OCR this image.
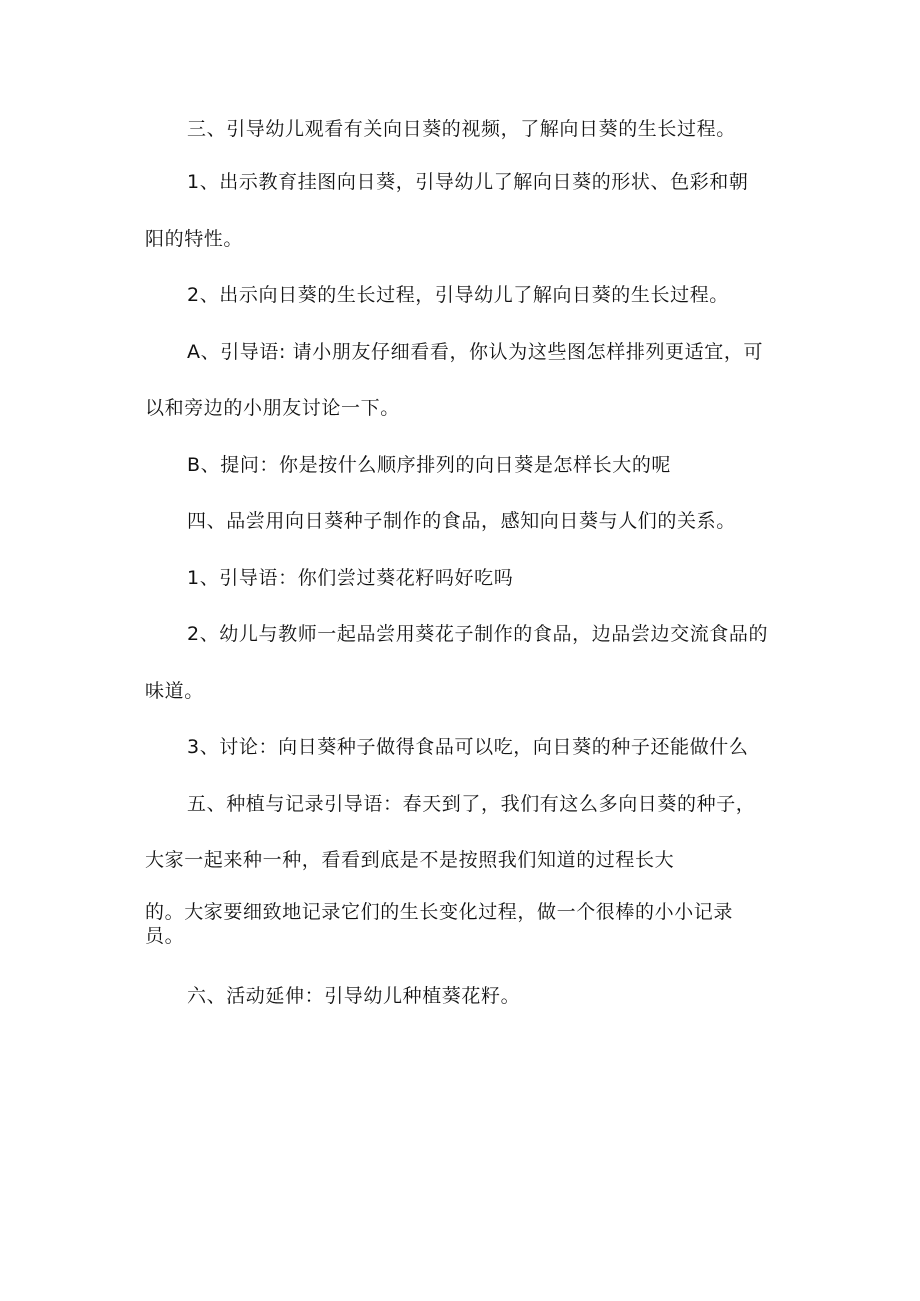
三、引导幼儿观看有关向日葵的视频，了解向日葵的生长过程。
1、出示教育挂图向日葵，引导幼儿了解向日葵的形状、色彩和朝
阳的特性。
2、出示向日葵的生长过程，引导幼儿了解向日葵的生长过程。
A、引导语: 请小朋友仔细看看，你认为这些图怎样排列更适宜，可
以和旁边的小朋友讨论一下。
B、提问：你是按什么顺序排列的向日葵是怎样长大的呢
四、品尝用向日葵种子制作的食品，感知向日葵与人们的关系。
1、引导语：你们尝过葵花籽吗好吃吗
2、幼儿与教师一起品尝用葵花子制作的食品，边品尝边交流食品的
味道。
3、讨论：向日葵种子做得食品可以吃，向日葵的种子还能做什么
五、种植与记录引导语：春天到了，我们有这么多向日葵的种子，
大家一起来种一种，看看到底是不是按照我们知道的过程长大
的。大家要细致地记录它们的生长变化过程，做一个很棒的小小记录
员。
六、活动延伸：引导幼儿种植葵花籽。
